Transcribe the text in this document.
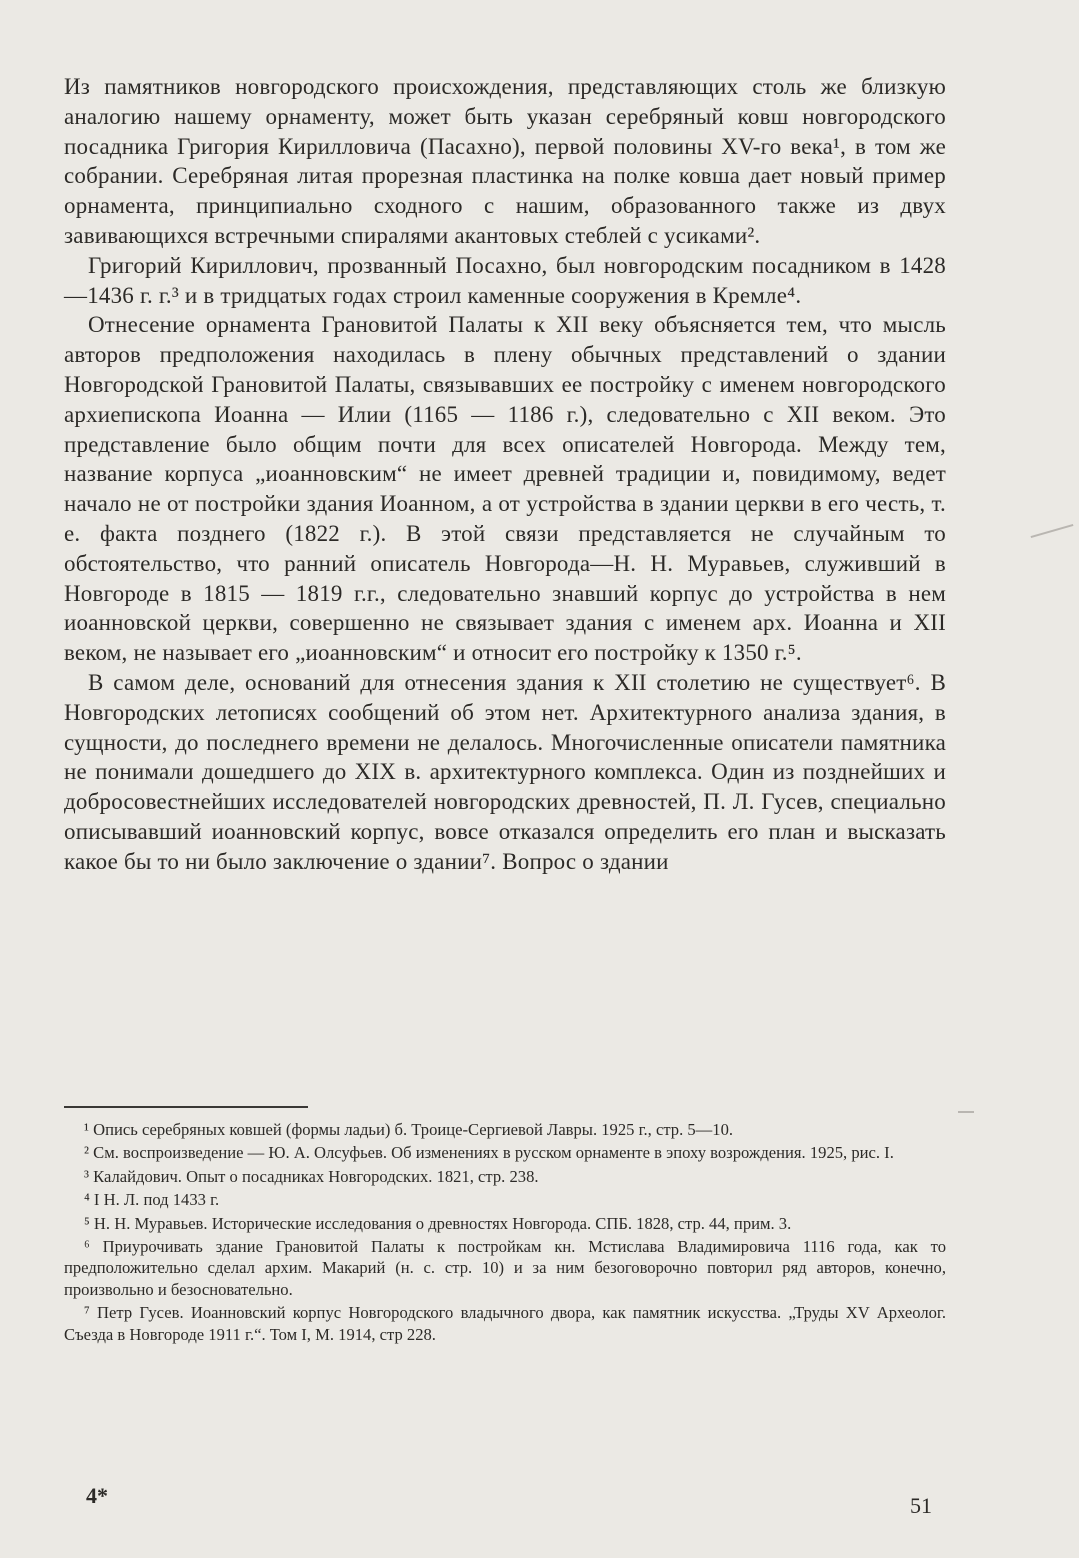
Из памятников новгородского происхождения, представляющих столь же близкую аналогию нашему орнаменту, может быть указан серебряный ковш новгородского посадника Григория Кирилловича (Пасахно), первой половины XV-го века¹, в том же собрании. Серебряная литая прорезная пластинка на полке ковша дает новый пример орнамента, принципиально сходного с нашим, образованного также из двух завивающихся встречными спиралями акантовых стеблей с усиками².

Григорий Кириллович, прозванный Посахно, был новгородским посадником в 1428—1436 г. г.³ и в тридцатых годах строил каменные сооружения в Кремле⁴.

Отнесение орнамента Грановитой Палаты к XII веку объясняется тем, что мысль авторов предположения находилась в плену обычных представлений о здании Новгородской Грановитой Палаты, связывавших ее постройку с именем новгородского архиепископа Иоанна — Илии (1165 — 1186 г.), следовательно с XII веком. Это представление было общим почти для всех описателей Новгорода. Между тем, название корпуса „иоанновским“ не имеет древней традиции и, повидимому, ведет начало не от постройки здания Иоанном, а от устройства в здании церкви в его честь, т. е. факта позднего (1822 г.). В этой связи представляется не случайным то обстоятельство, что ранний описатель Новгорода—Н. Н. Муравьев, служивший в Новгороде в 1815 — 1819 г.г., следовательно знавший корпус до устройства в нем иоанновской церкви, совершенно не связывает здания с именем арх. Иоанна и XII веком, не называет его „иоанновским“ и относит его постройку к 1350 г.⁵.

В самом деле, оснований для отнесения здания к XII столетию не существует⁶. В Новгородских летописях сообщений об этом нет. Архитектурного анализа здания, в сущности, до последнего времени не делалось. Многочисленные описатели памятника не понимали дошедшего до XIX в. архитектурного комплекса. Один из позднейших и добросовестнейших исследователей новгородских древностей, П. Л. Гусев, специально описывавший иоанновский корпус, вовсе отказался определить его план и высказать какое бы то ни было заключение о здании⁷. Вопрос о здании

¹ Опись серебряных ковшей (формы ладьи) б. Троице-Сергиевой Лавры. 1925 г., стр. 5—10.

² См. воспроизведение — Ю. А. Олсуфьев. Об изменениях в русском орнаменте в эпоху возрождения. 1925, рис. I.

³ Калайдович. Опыт о посадниках Новгородских. 1821, стр. 238.

⁴ I Н. Л. под 1433 г.

⁵ Н. Н. Муравьев. Исторические исследования о древностях Новгорода. СПБ. 1828, стр. 44, прим. 3.

⁶ Приурочивать здание Грановитой Палаты к постройкам кн. Мстислава Владимировича 1116 года, как то предположительно сделал архим. Макарий (н. с. стр. 10) и за ним безоговорочно повторил ряд авторов, конечно, произвольно и безосновательно.

⁷ Петр Гусев. Иоанновский корпус Новгородского владычного двора, как памятник искусства. „Труды XV Археолог. Съезда в Новгороде 1911 г.“. Том I, М. 1914, стр 228.

4*	51
